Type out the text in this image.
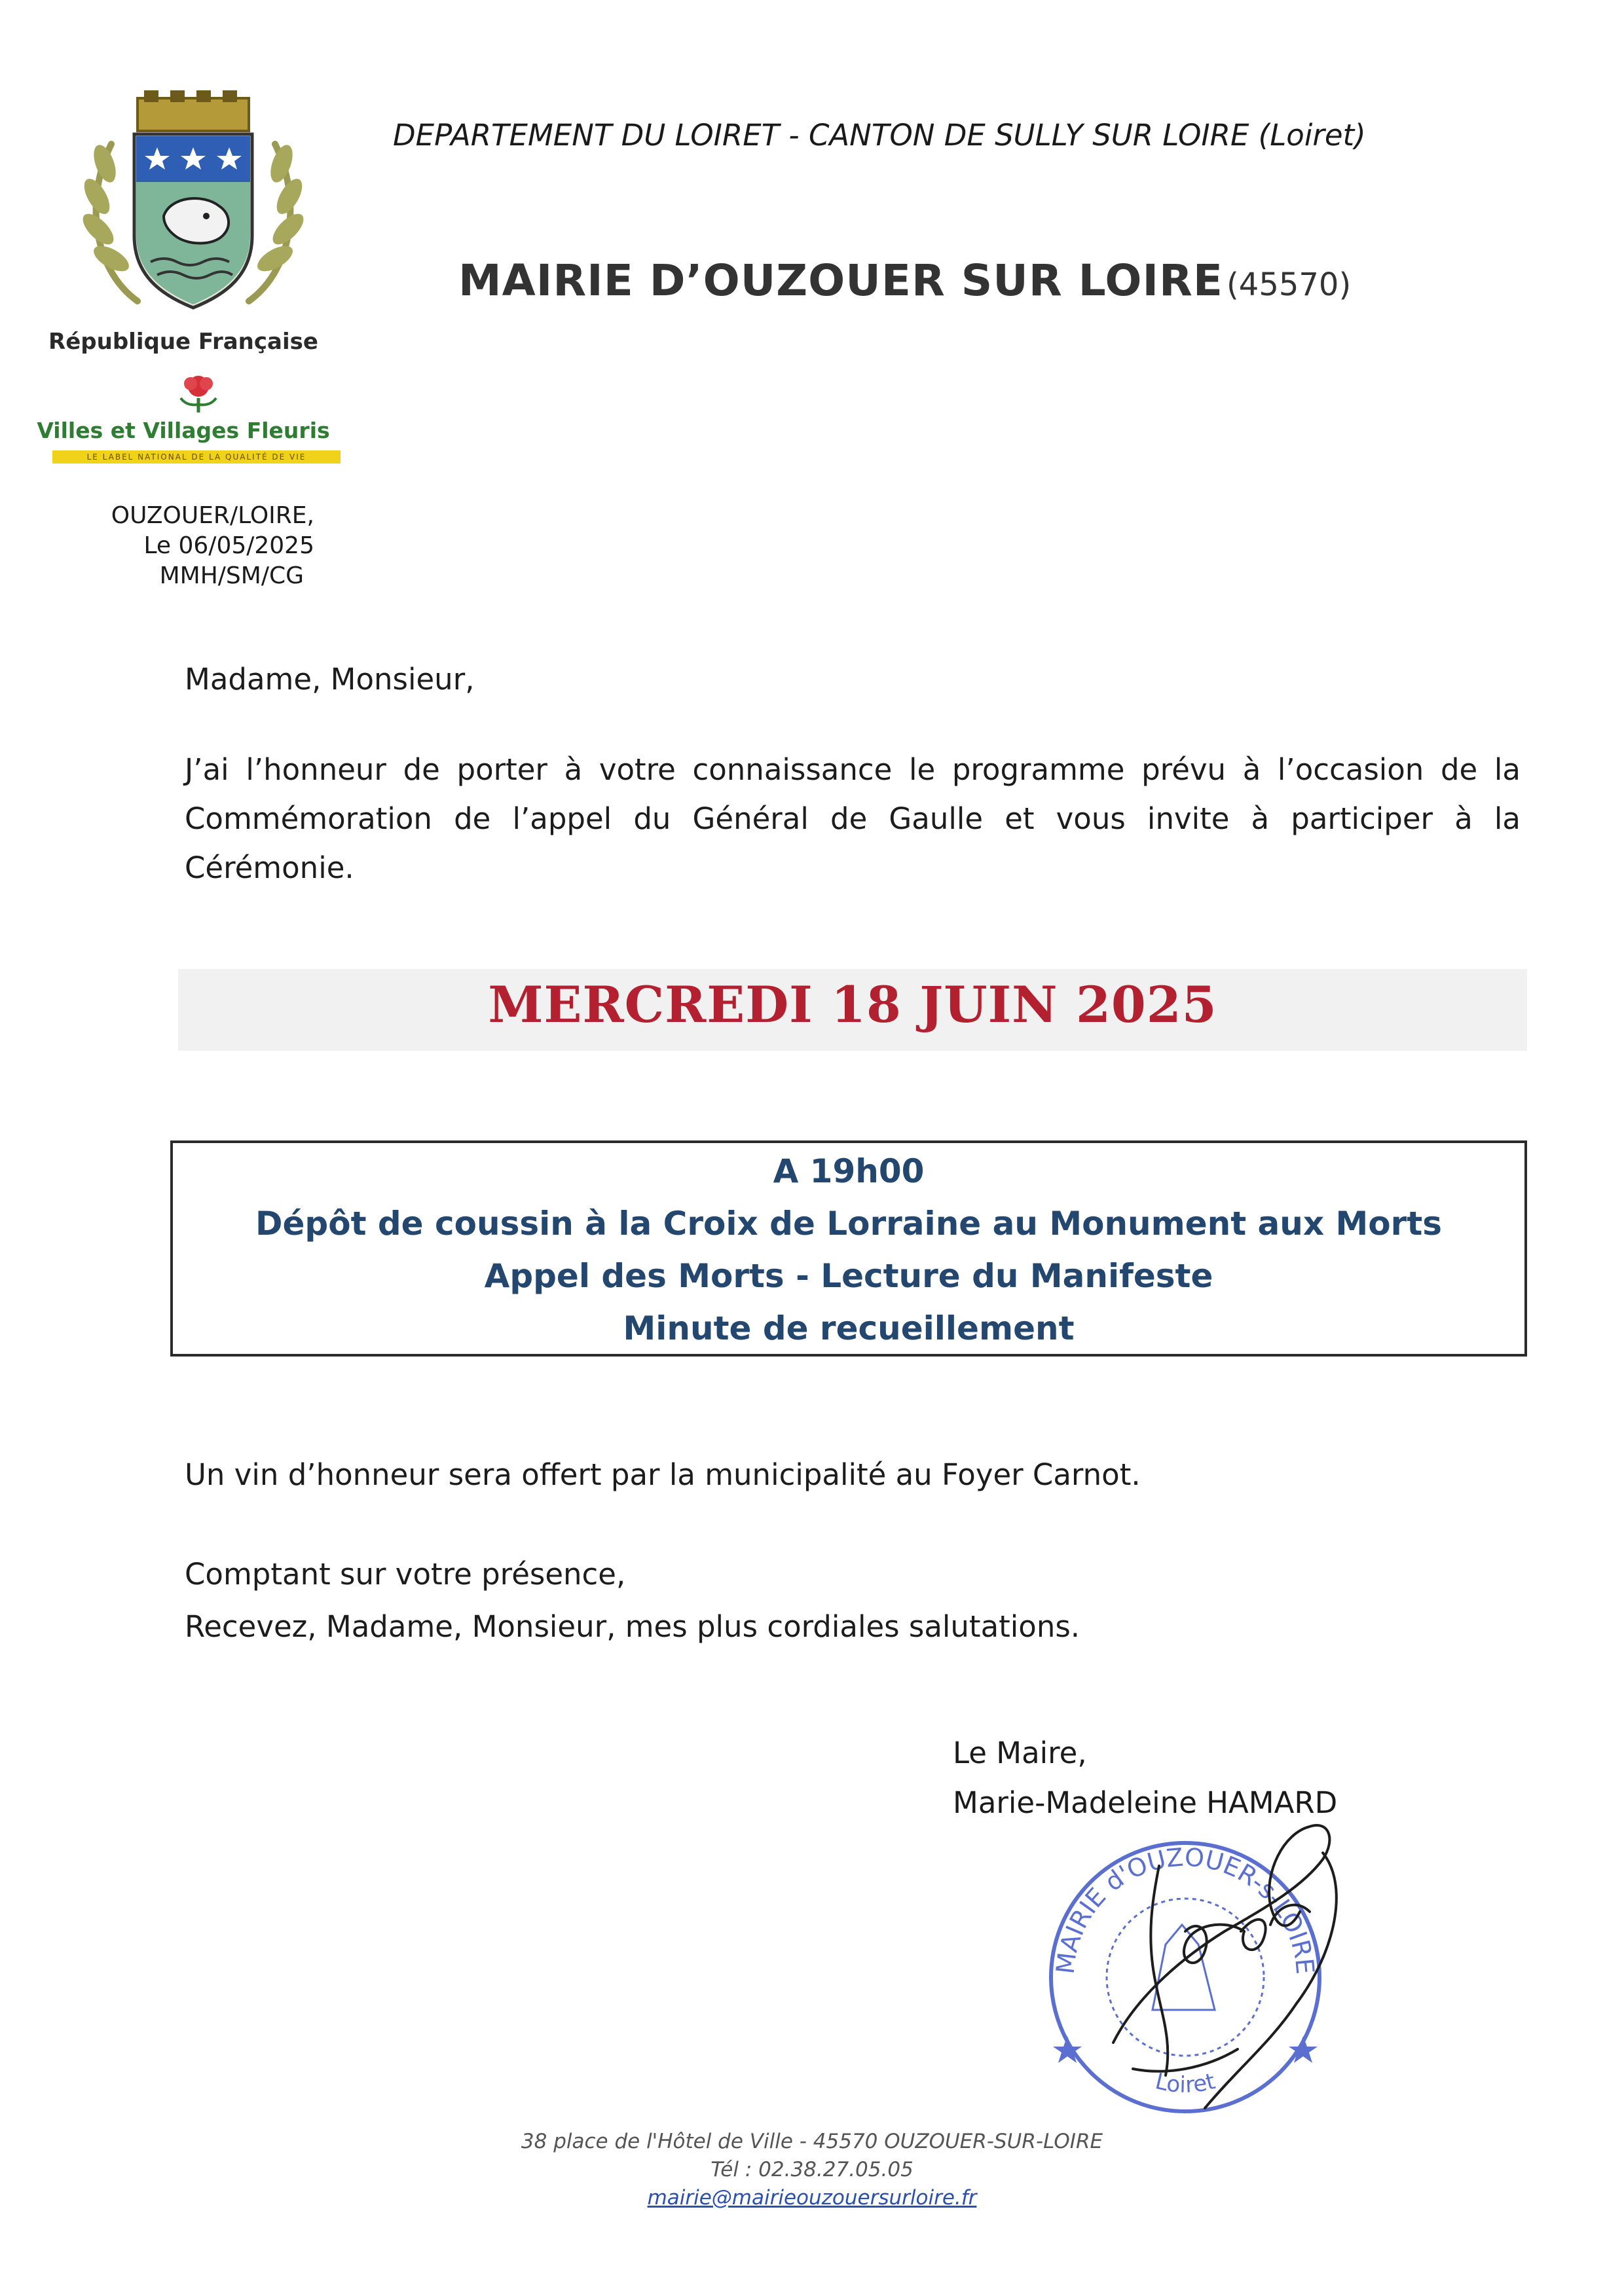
République Française
Villes et Villages Fleuris
LE LABEL NATIONAL DE LA QUALITÉ DE VIE
OUZOUER/LOIRE,
Le 06/05/2025
MMH/SM/CG
DEPARTEMENT DU LOIRET - CANTON DE SULLY SUR LOIRE (Loiret)
MAIRIE D’OUZOUER SUR LOIRE (45570)
Madame, Monsieur,
J’ai l’honneur de porter à votre connaissance le programme prévu à l’occasion de la Commémoration de l’appel du Général de Gaulle et vous invite à participer à la Cérémonie.
MERCREDI 18 JUIN 2025
A 19h00
Dépôt de coussin à la Croix de Lorraine au Monument aux Morts
Appel des Morts - Lecture du Manifeste
Minute de recueillement
Un vin d’honneur sera offert par la municipalité au Foyer Carnot.
Comptant sur votre présence,
Recevez, Madame, Monsieur, mes plus cordiales salutations.
Le Maire,
Marie-Madeleine HAMARD
MAIRIE d'OUZOUER-s-LOIRE
Loiret
38 place de l'Hôtel de Ville - 45570 OUZOUER-SUR-LOIRE
Tél : 02.38.27.05.05
mairie@mairieouzouersurloire.fr
